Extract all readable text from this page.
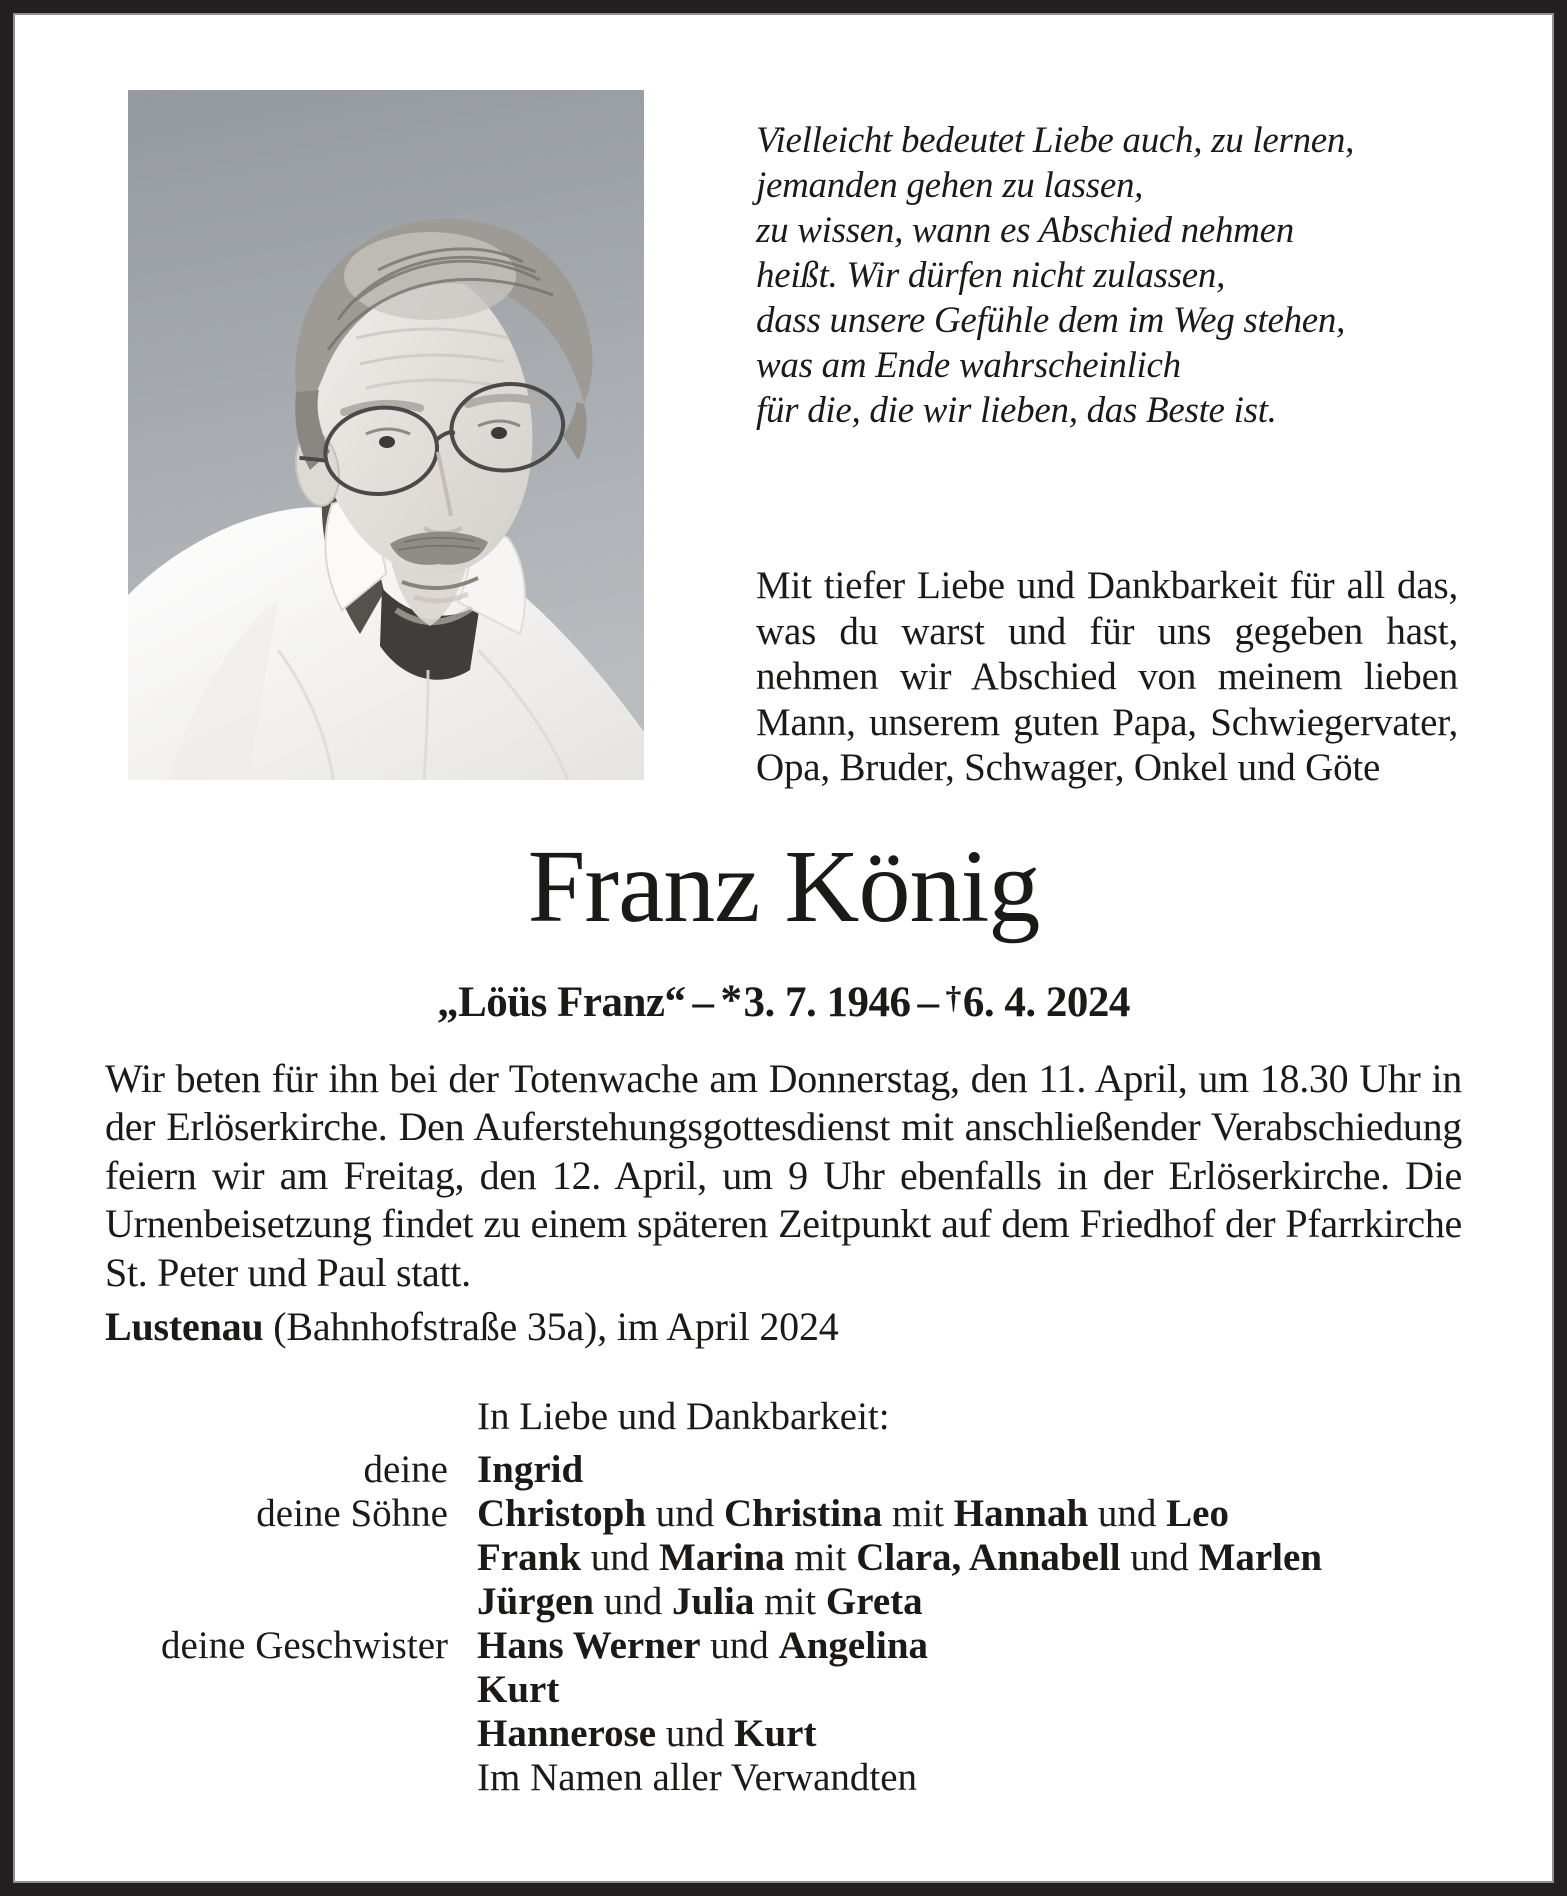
Vielleicht bedeutet Liebe auch, zu lernen,
jemanden gehen zu lassen,
zu wissen, wann es Abschied nehmen
heißt. Wir dürfen nicht zulassen,
dass unsere Gefühle dem im Weg stehen,
was am Ende wahrscheinlich
für die, die wir lieben, das Beste ist.
Mit tiefer Liebe und Dankbarkeit für all das, was du warst und für uns gegeben hast, nehmen wir Abschied von meinem lieben Mann, unserem guten Papa, Schwiegervater, Opa, Bruder, Schwager, Onkel und Göte
Franz König
„Löüs Franz“ – *3. 7. 1946 – †6. 4. 2024
Wir beten für ihn bei der Totenwache am Donnerstag, den 11. April, um 18.30 Uhr in der Erlöserkirche. Den Auferstehungsgottesdienst mit anschließender Verabschiedung feiern wir am Freitag, den 12. April, um 9 Uhr ebenfalls in der Erlöserkirche. Die Urnenbeisetzung findet zu einem späteren Zeitpunkt auf dem Friedhof der Pfarrkirche St. Peter und Paul statt.
Lustenau (Bahnhofstraße 35a), im April 2024
In Liebe und Dankbarkeit:
deine Ingrid
deine Söhne Christoph und Christina mit Hannah und Leo
Frank und Marina mit Clara, Annabell und Marlen
Jürgen und Julia mit Greta
deine Geschwister Hans Werner und Angelina
Kurt
Hannerose und Kurt
Im Namen aller Verwandten
